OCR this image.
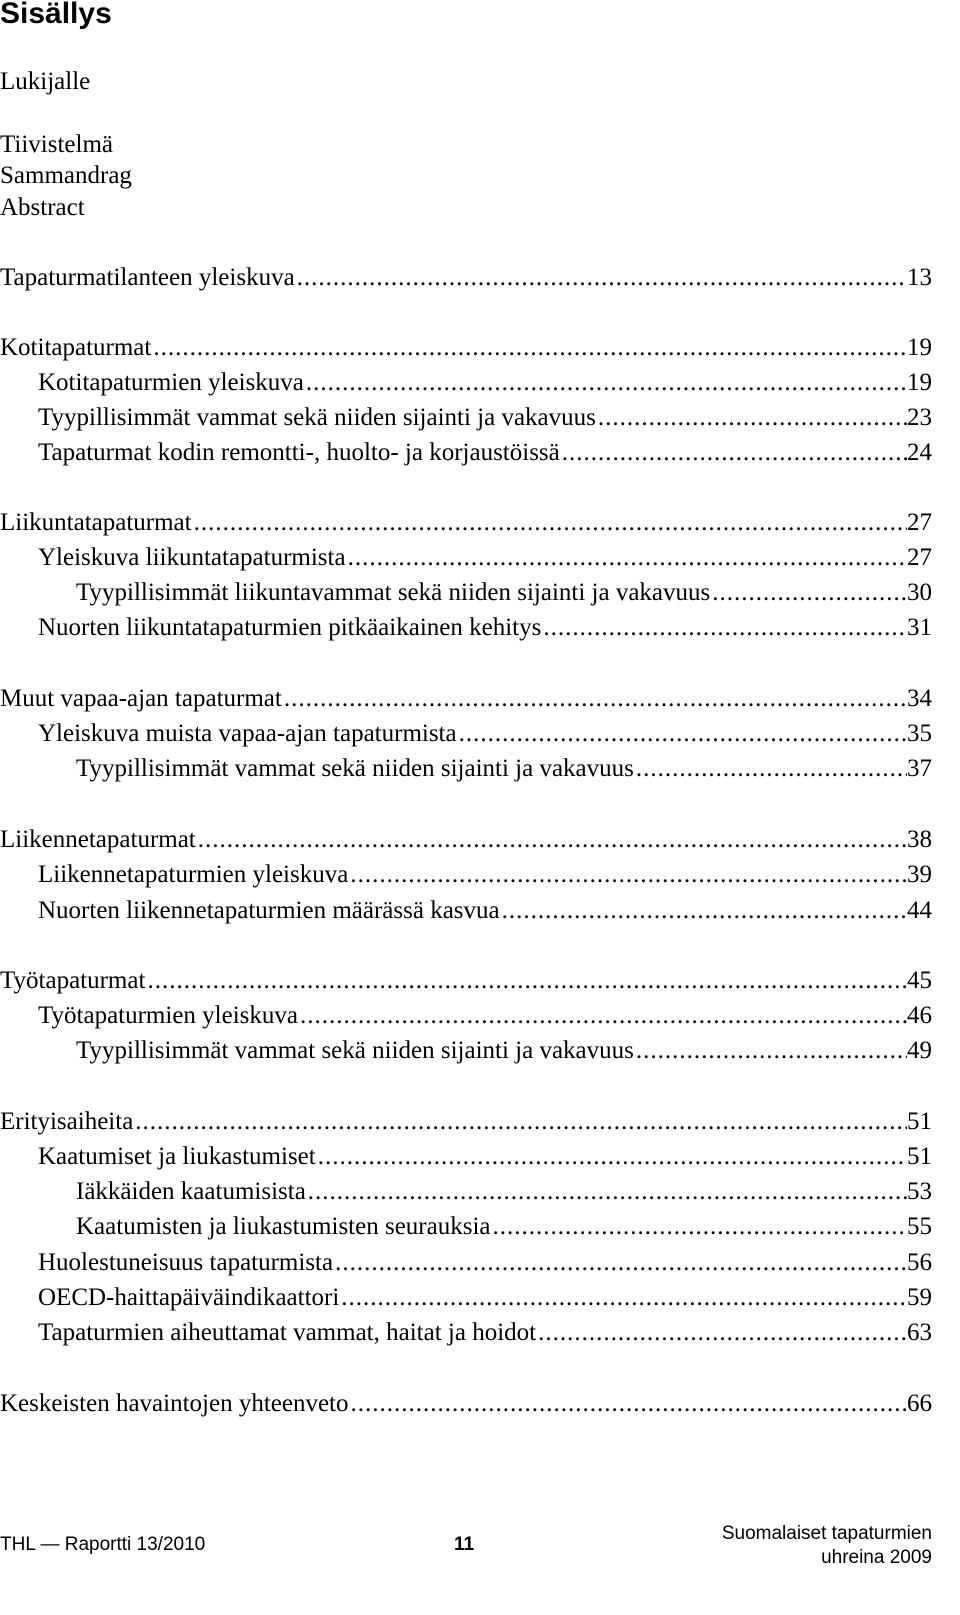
Sisällys
Lukijalle
Tiivistelmä
Sammandrag
Abstract
Tapaturmatilanteen yleiskuva .....	13
Kotitapaturmat .....	19
Kotitapaturmien yleiskuva .....	19
Tyypillisimmät vammat sekä niiden sijainti ja vakavuus .....	23
Tapaturmat kodin remontti-, huolto- ja korjaustöissä .....	24
Liikuntatapaturmat .....	27
Yleiskuva liikuntatapaturmista .....	27
Tyypillisimmät liikuntavammat sekä niiden sijainti ja vakavuus .....	30
Nuorten liikuntatapaturmien pitkäaikainen kehitys .....	31
Muut vapaa-ajan tapaturmat .....	34
Yleiskuva muista vapaa-ajan tapaturmista .....	35
Tyypillisimmät vammat sekä niiden sijainti ja vakavuus .....	37
Liikennetapaturmat .....	38
Liikennetapaturmien yleiskuva .....	39
Nuorten liikennetapaturmien määrässä kasvua .....	44
Työtapaturmat .....	45
Työtapaturmien yleiskuva .....	46
Tyypillisimmät vammat sekä niiden sijainti ja vakavuus .....	49
Erityisaiheita .....	51
Kaatumiset ja liukastumiset .....	51
Iäkkäiden kaatumisista .....	53
Kaatumisten ja liukastumisten seurauksia .....	55
Huolestuneisuus tapaturmista .....	56
OECD-haittapäiväindikaattori .....	59
Tapaturmien aiheuttamat vammat, haitat ja hoidot .....	63
Keskeisten havaintojen yhteenveto .....	66
THL — Raportti 13/2010	11
Suomalaiset tapaturmien
uhreina 2009
